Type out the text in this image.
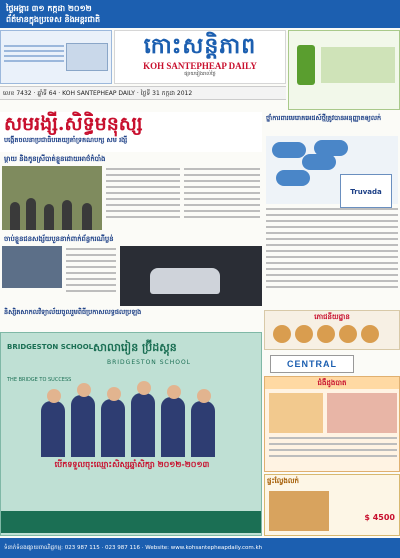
ថ្ងៃអង្គារ ៣១ កក្កដា ២០១២
ព័ត៌មានក្នុងប្រទេស និងអន្តរជាតិ
កោះសន្តិភាព
KOH SANTEPHEAP DAILY
ផ្សាយរៀងរាល់ថ្ងៃ
លេខ 7432 · ឆ្នាំទី 64 · KOH SANTEPHEAP DAILY · ថ្ងៃទី 31 កក្កដា 2012
សមរង្សី.សិទ្ធិមនុស្ស
បង្កើតចលនាប្រជាធិបតេយ្យគាំទ្រគណបក្ស សម រង្សី
ម្ដាយ និងកូនស្រីបាត់ខ្លួនដោយអាថ៌កំបាំង
ចាប់ខ្លួនជនសង្ស័យបួននាក់ពាក់ព័ន្ធករណីប្លន់
និស្សិតសាកលវិទ្យាល័យចូលរួមពិធីប្រកាសលទ្ធផលប្រឡង
ថ្នាំការពារមេរោគអេដស៍ថ្មីត្រូវបានអនុញ្ញាតឲ្យលក់
Truvada
ភោជនីយដ្ឋាន
CENTRAL
BRIDGESTON SCHOOL
THE BRIDGE TO SUCCESS
សាលារៀន ប្រ៊ីដស្តុន
BRIDGESTON SCHOOL
បើកទទួលចុះឈ្មោះសិស្សឆ្នាំសិក្សា ២០១២-២០១៣
ជំងឺដូងបាត
ផ្ទះល្វែងលក់
$ 4500
ទំនាក់ទំនងផ្សាយពាណិជ្ជកម្ម: 023 987 115 · 023 987 116 · Website: www.kohsantepheapdaily.com.kh
